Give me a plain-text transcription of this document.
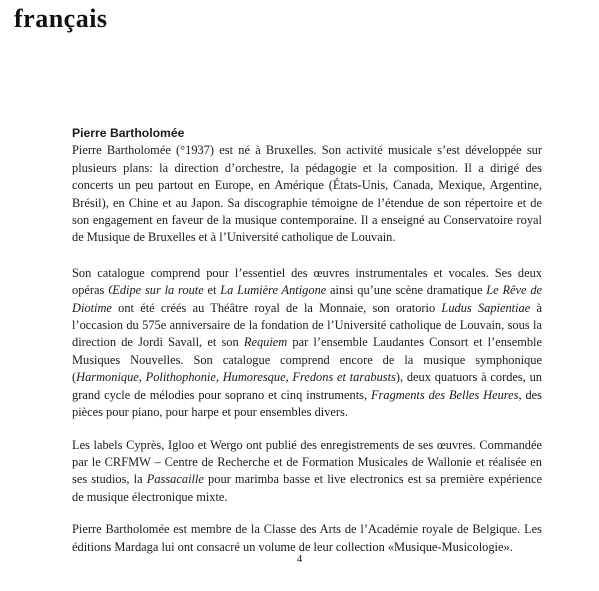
français
Pierre Bartholomée

Pierre Bartholomée (°1937) est né à Bruxelles. Son activité musicale s’est développée sur plusieurs plans: la direction d’orchestre, la pédagogie et la composition. Il a dirigé des concerts un peu partout en Europe, en Amérique (États-Unis, Canada, Mexique, Argentine, Brésil), en Chine et au Japon. Sa discographie témoigne de l’étendue de son répertoire et de son engagement en faveur de la musique contemporaine. Il a enseigné au Conservatoire royal de Musique de Bruxelles et à l’Université catholique de Louvain.

Son catalogue comprend pour l’essentiel des œuvres instrumentales et vocales. Ses deux opéras Œdipe sur la route et La Lumière Antigone ainsi qu’une scène dramatique Le Rêve de Diotime ont été créés au Théâtre royal de la Monnaie, son oratorio Ludus Sapientiae à l’occasion du 575e anniversaire de la fondation de l’Université catholique de Louvain, sous la direction de Jordi Savall, et son Requiem par l’ensemble Laudantes Consort et l’ensemble Musiques Nouvelles. Son catalogue comprend encore de la musique symphonique (Harmonique, Polithophonie, Humoresque, Fredons et tarabusts), deux quatuors à cordes, un grand cycle de mélodies pour soprano et cinq instruments, Fragments des Belles Heures, des pièces pour piano, pour harpe et pour ensembles divers.

Les labels Cyprès, Igloo et Wergo ont publié des enregistrements de ses œuvres. Commandée par le CRFMW – Centre de Recherche et de Formation Musicales de Wallonie et réalisée en ses studios, la Passacaille pour marimba basse et live electronics est sa première expérience de musique électronique mixte.

Pierre Bartholomée est membre de la Classe des Arts de l’Académie royale de Belgique. Les éditions Mardaga lui ont consacré un volume de leur collection «Musique-Musicologie».

4
